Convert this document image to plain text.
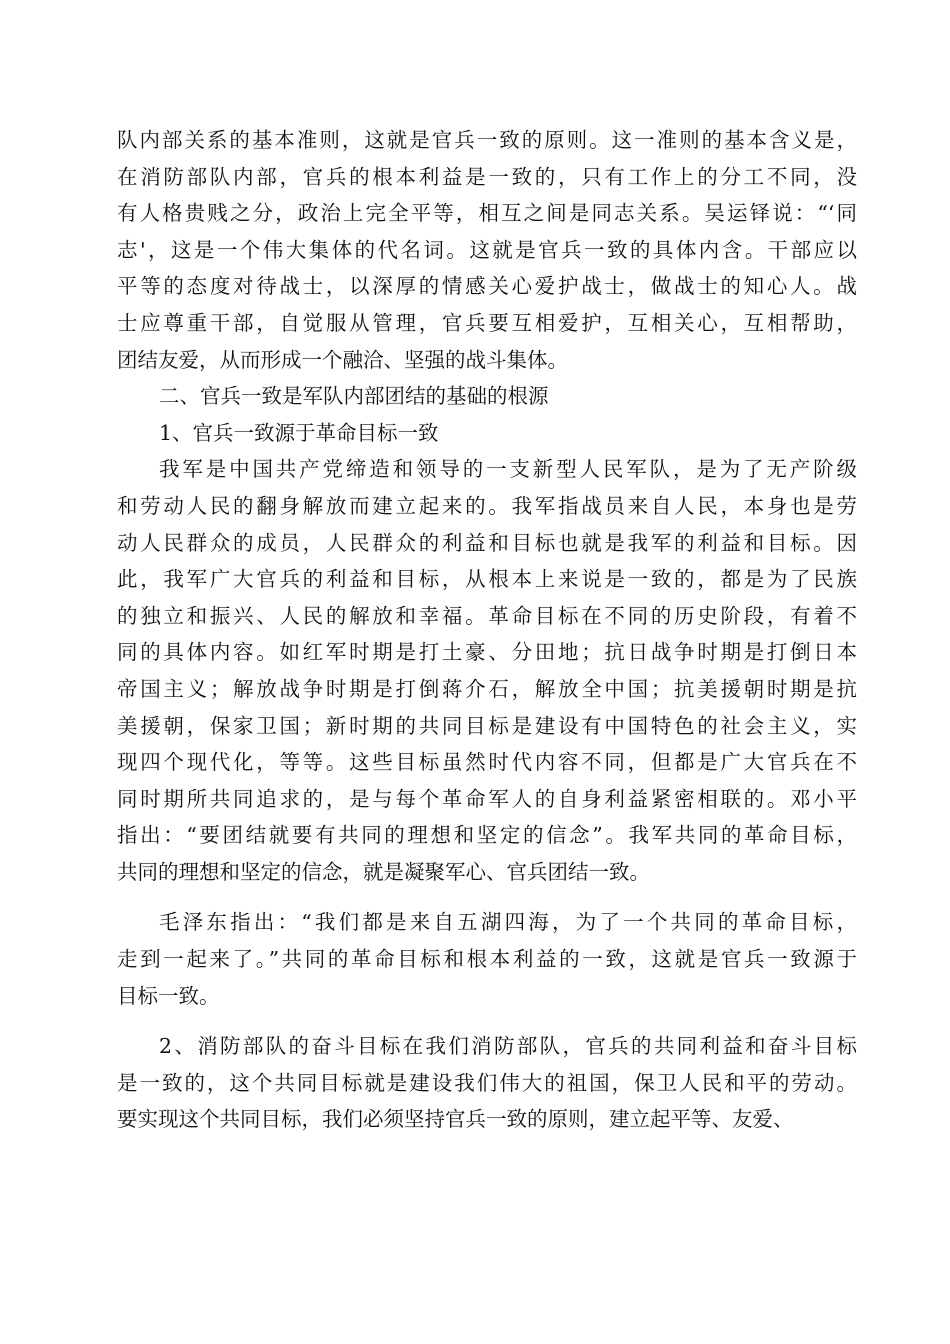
队内部关系的基本准则，这就是官兵一致的原则。这一准则的基本含义是，
在消防部队内部，官兵的根本利益是一致的，只有工作上的分工不同，没
有人格贵贱之分，政治上完全平等，相互之间是同志关系。吴运铎说：“‘同
志'，这是一个伟大集体的代名词。这就是官兵一致的具体内含。干部应以
平等的态度对待战士，以深厚的情感关心爱护战士，做战士的知心人。战
士应尊重干部，自觉服从管理，官兵要互相爱护，互相关心，互相帮助，
团结友爱，从而形成一个融洽、坚强的战斗集体。
二、官兵一致是军队内部团结的基础的根源
1、官兵一致源于革命目标一致
我军是中国共产党缔造和领导的一支新型人民军队，是为了无产阶级
和劳动人民的翻身解放而建立起来的。我军指战员来自人民，本身也是劳
动人民群众的成员，人民群众的利益和目标也就是我军的利益和目标。因
此，我军广大官兵的利益和目标，从根本上来说是一致的，都是为了民族
的独立和振兴、人民的解放和幸福。革命目标在不同的历史阶段，有着不
同的具体内容。如红军时期是打土豪、分田地；抗日战争时期是打倒日本
帝国主义；解放战争时期是打倒蒋介石，解放全中国；抗美援朝时期是抗
美援朝，保家卫国；新时期的共同目标是建设有中国特色的社会主义，实
现四个现代化，等等。这些目标虽然时代内容不同，但都是广大官兵在不
同时期所共同追求的，是与每个革命军人的自身利益紧密相联的。邓小平
指出：“要团结就要有共同的理想和坚定的信念”。我军共同的革命目标，
共同的理想和坚定的信念，就是凝聚军心、官兵团结一致。
毛泽东指出：“我们都是来自五湖四海，为了一个共同的革命目标，
走到一起来了。”共同的革命目标和根本利益的一致，这就是官兵一致源于
目标一致。
2、消防部队的奋斗目标在我们消防部队，官兵的共同利益和奋斗目标
是一致的，这个共同目标就是建设我们伟大的祖国，保卫人民和平的劳动。
要实现这个共同目标，我们必须坚持官兵一致的原则，建立起平等、友爱、
